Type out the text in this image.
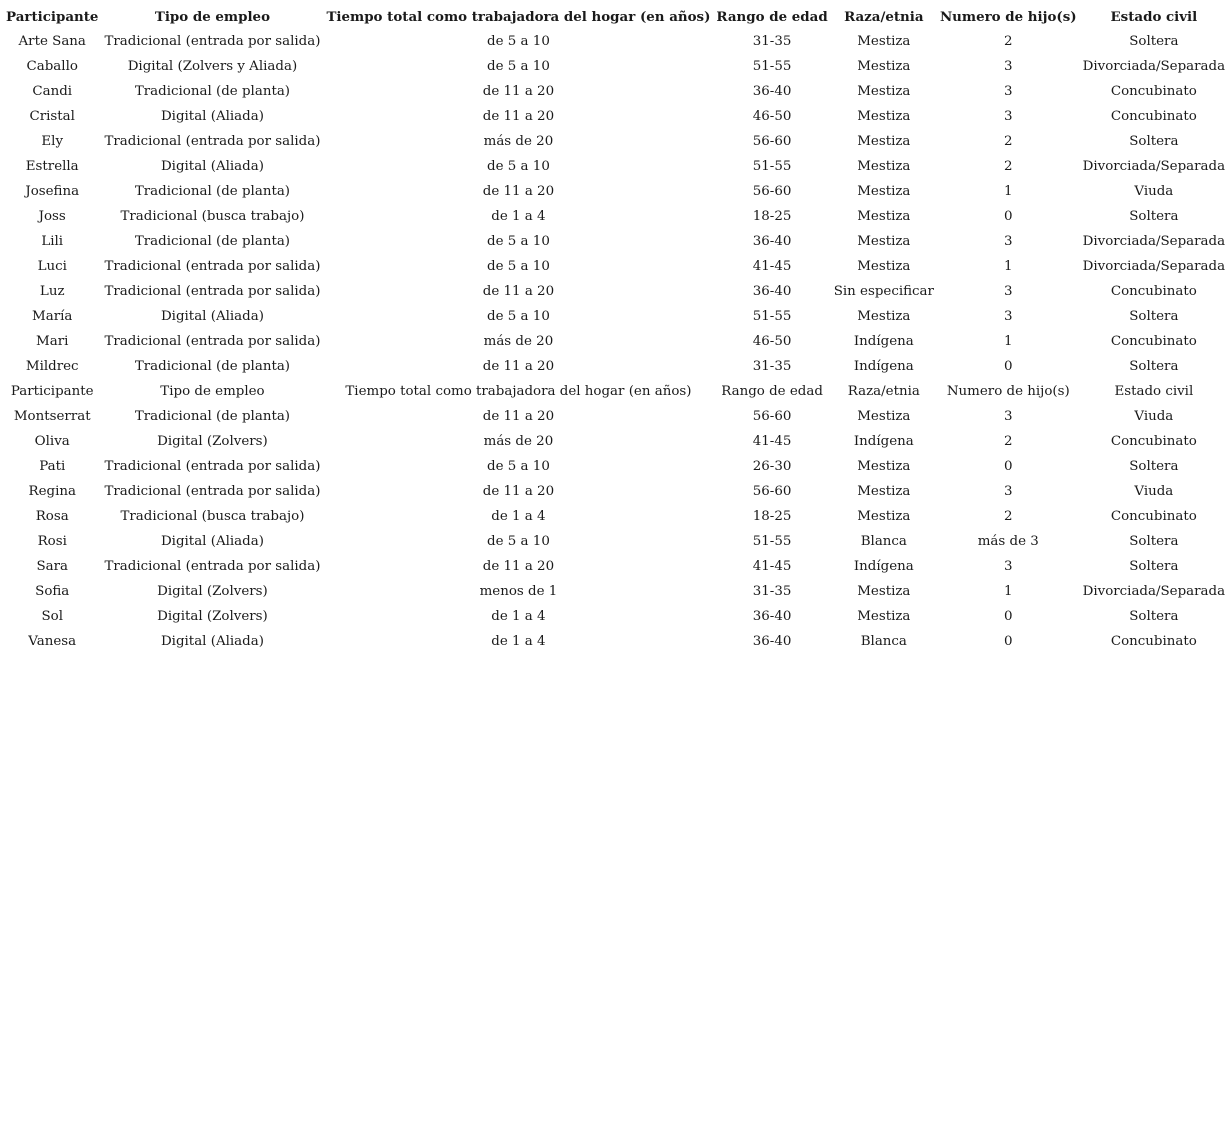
Participante	Tipo de empleo	Tiempo total como trabajadora del hogar (en años)	Rango de edad	Raza/etnia	Numero de hijo(s)	Estado civil
Arte Sana	Tradicional (entrada por salida)	de 5 a 10	31-35	Mestiza	2	Soltera
Caballo	Digital (Zolvers y Aliada)	de 5 a 10	51-55	Mestiza	3	Divorciada/Separada
Candi	Tradicional (de planta)	de 11 a 20	36-40	Mestiza	3	Concubinato
Cristal	Digital (Aliada)	de 11 a 20	46-50	Mestiza	3	Concubinato
Ely	Tradicional (entrada por salida)	más de 20	56-60	Mestiza	2	Soltera
Estrella	Digital (Aliada)	de 5 a 10	51-55	Mestiza	2	Divorciada/Separada
Josefina	Tradicional (de planta)	de 11 a 20	56-60	Mestiza	1	Viuda
Joss	Tradicional (busca trabajo)	de 1 a 4	18-25	Mestiza	0	Soltera
Lili	Tradicional (de planta)	de 5 a 10	36-40	Mestiza	3	Divorciada/Separada
Luci	Tradicional (entrada por salida)	de 5 a 10	41-45	Mestiza	1	Divorciada/Separada
Luz	Tradicional (entrada por salida)	de 11 a 20	36-40	Sin especificar	3	Concubinato
María	Digital (Aliada)	de 5 a 10	51-55	Mestiza	3	Soltera
Mari	Tradicional (entrada por salida)	más de 20	46-50	Indígena	1	Concubinato
Mildrec	Tradicional (de planta)	de 11 a 20	31-35	Indígena	0	Soltera
Participante	Tipo de empleo	Tiempo total como trabajadora del hogar (en años)	Rango de edad	Raza/etnia	Numero de hijo(s)	Estado civil
Montserrat	Tradicional (de planta)	de 11 a 20	56-60	Mestiza	3	Viuda
Oliva	Digital (Zolvers)	más de 20	41-45	Indígena	2	Concubinato
Pati	Tradicional (entrada por salida)	de 5 a 10	26-30	Mestiza	0	Soltera
Regina	Tradicional (entrada por salida)	de 11 a 20	56-60	Mestiza	3	Viuda
Rosa	Tradicional (busca trabajo)	de 1 a 4	18-25	Mestiza	2	Concubinato
Rosi	Digital (Aliada)	de 5 a 10	51-55	Blanca	más de 3	Soltera
Sara	Tradicional (entrada por salida)	de 11 a 20	41-45	Indígena	3	Soltera
Sofia	Digital (Zolvers)	menos de 1	31-35	Mestiza	1	Divorciada/Separada
Sol	Digital (Zolvers)	de 1 a 4	36-40	Mestiza	0	Soltera
Vanesa	Digital (Aliada)	de 1 a 4	36-40	Blanca	0	Concubinato
